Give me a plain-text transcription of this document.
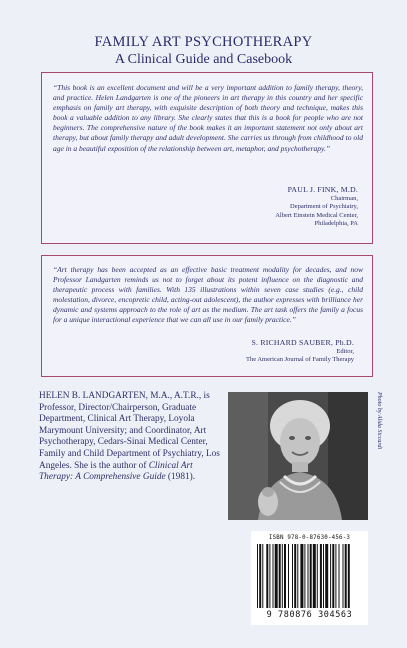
FAMILY ART PSYCHOTHERAPY
A Clinical Guide and Casebook
“This book is an excellent document and will be a very important addition to family therapy, theory, and practice. Helen Landgarten is one of the pioneers in art therapy in this country and her specific emphasis on family art therapy, with exquisite description of both theory and technique, makes this book a valuable addition to any library. She clearly states that this is a book for people who are not beginners. The comprehensive nature of the book makes it an important statement not only about art therapy, but about family therapy and adult development. She carries us through from childhood to old age in a beautiful exposition of the relationship between art, metaphor, and psychotherapy.”
PAUL J. FINK, M.D.
Chairman,
Department of Psychiatry,
Albert Einstein Medical Center,
Philadelphia, PA
“Art therapy has been accepted as an effective basic treatment modality for decades, and now Professor Landgarten reminds us not to forget about its potent influence on the diagnostic and therapeutic process with families. With 135 illustrations within seven case studies (e.g., child molestation, divorce, encopretic child, acting-out adolescent), the author expresses with brilliance her dynamic and systems approach to the role of art as the medium. The art task offers the family a focus for a unique interactional experience that we can all use in our family practice.”
S. RICHARD SAUBER, Ph.D.
Editor,
The American Journal of Family Therapy

HELEN B. LANDGARTEN, M.A., A.T.R., is Professor, Director/Chairperson, Graduate Department, Clinical Art Therapy, Loyola Marymount University; and Coordinator, Art Psychotherapy, Cedars-Sinai Medical Center, Family and Child Department of Psychiatry, Los Angeles. She is the author of Clinical Art Therapy: A Comprehensive Guide (1981).

Photo by Alida Siccardi
ISBN 978-0-87630-456-3
9 780876 304563
